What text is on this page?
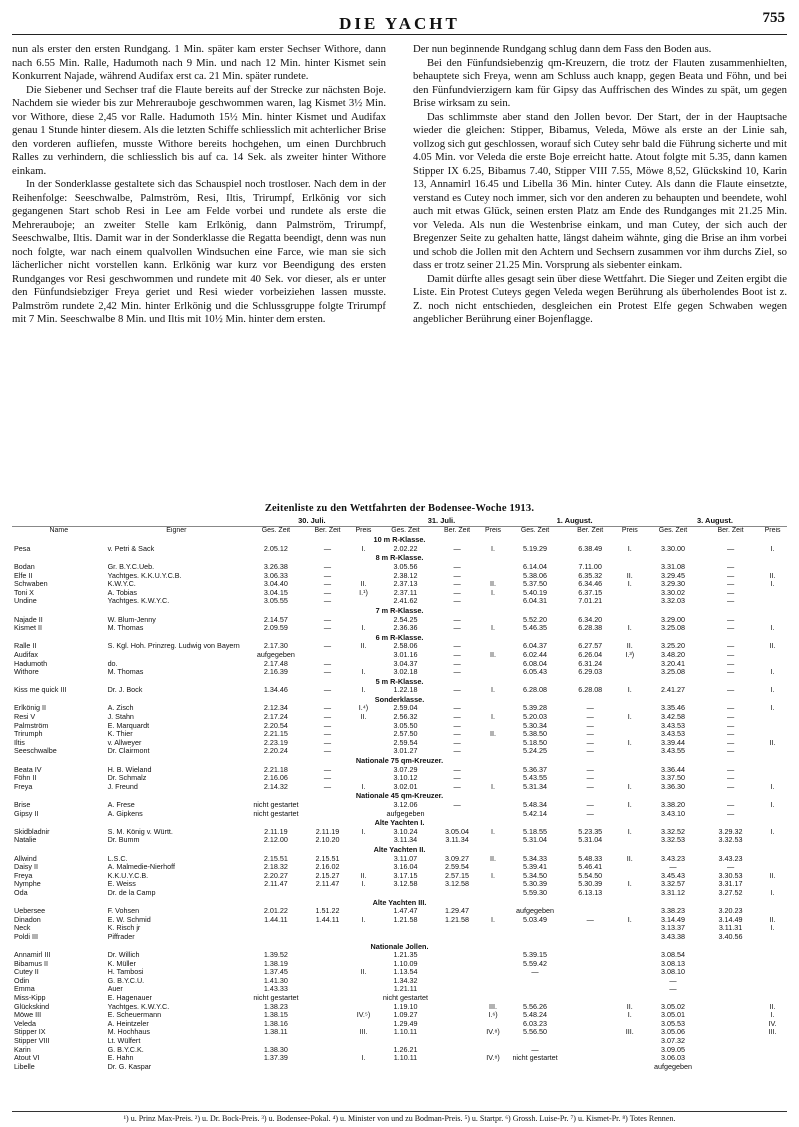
DIE YACHT	755

nun als erster den ersten Rundgang. 1 Min. später kam erster Sechser Withore, dann nach 6.55 Min. Ralle, Hadumoth nach 9 Min. und nach 12 Min. hinter Kismet sein Konkurrent Najade, während Audifax erst ca. 21 Min. später rundete.

Die Siebener und Sechser traf die Flaute bereits auf der Strecke zur nächsten Boje. Nachdem sie wieder bis zur Mehrerauboje geschwommen waren, lag Kismet 3½ Min. vor Withore, diese 2,45 vor Ralle. Hadumoth 15½ Min. hinter Kismet und Audifax genau 1 Stunde hinter diesem. Als die letzten Schiffe schliesslich mit achterlicher Brise den vorderen aufliefen, musste Withore bereits hochgehen, um einen Durchbruch Ralles zu verhindern, die schliesslich bis auf ca. 14 Sek. als zweiter hinter Withore einkam.

In der Sonderklasse gestaltete sich das Schauspiel noch trostloser. Nach dem in der Reihenfolge: Seeschwalbe, Palmström, Resi, Iltis, Trirumpf, Erlkönig vor sich gegangenen Start schob Resi in Lee am Felde vorbei und rundete als erste die Mehrerauboje; an zweiter Stelle kam Erlkönig, dann Palmström, Trirumpf, Seeschwalbe, Iltis. Damit war in der Sonderklasse die Regatta beendigt, denn was nun noch folgte, war nach einem qualvollen Windsuchen eine Farce, wie man sie sich lächerlicher nicht vorstellen kann. Erlkönig war kurz vor Beendigung des ersten Rundganges vor Resi geschwommen und rundete mit 40 Sek. vor dieser, als er unter den Fünfundsiebziger Freya geriet und Resi wieder vorbeiziehen lassen musste. Palmström rundete 2,42 Min. hinter Erlkönig und die Schlussgruppe folgte Trirumpf mit 7 Min. Seeschwalbe 8 Min. und Iltis mit 10½ Min. hinter dem ersten.

Der nun beginnende Rundgang schlug dann dem Fass den Boden aus.

Bei den Fünfundsiebenzig qm-Kreuzern, die trotz der Flauten zusammenhielten, behauptete sich Freya, wenn am Schluss auch knapp, gegen Beata und Föhn, und bei den Fünfundvierzigern kam für Gipsy das Auffrischen des Windes zu spät, um gegen Brise wirksam zu sein.

Das schlimmste aber stand den Jollen bevor. Der Start, der in der Hauptsache wieder die gleichen: Stipper, Bibamus, Veleda, Möwe als erste an der Linie sah, vollzog sich gut geschlossen, worauf sich Cutey sehr bald die Führung sicherte und mit 4.05 Min. vor Veleda die erste Boje erreicht hatte. Atout folgte mit 5.35, dann kamen Stipper IX 6.25, Bibamus 7.40, Stipper VIII 7.55, Möwe 8,52, Glückskind 10, Karin 13, Annamirl 16.45 und Libella 36 Min. hinter Cutey. Als dann die Flaute einsetzte, verstand es Cutey noch immer, sich vor den anderen zu behaupten und beendete, wohl auch mit etwas Glück, seinen ersten Platz am Ende des Rundganges mit 21.25 Min. vor Veleda. Als nun die Westenbrise einkam, und man Cutey, der sich auch der Bregenzer Seite zu gehalten hatte, längst daheim wähnte, ging die Brise an ihm vorbei und schob die Jollen mit den Achtern und Sechsern zusammen vor ihm durchs Ziel, so dass er trotz seiner 21.25 Min. Vorsprung als siebenter einkam.

Damit dürfte alles gesagt sein über diese Wettfahrt. Die Sieger und Zeiten ergibt die Liste. Ein Protest Cuteys gegen Veleda wegen Berührung als überholendes Boot ist z. Z. noch nicht entschieden, desgleichen ein Protest Elfe gegen Schwaben wegen angeblicher Berührung einer Bojenflagge.

Zeitenliste zu den Wettfahrten der Bodensee-Woche 1913.
		30. Juli.			31. Juli.			1. August.			3. August.		
Name	Eigner	Ges. Zeit	Ber. Zeit	Preis	Ges. Zeit	Ber. Zeit	Preis	Ges. Zeit	Ber. Zeit	Preis	Ges. Zeit	Ber. Zeit	Preis
10 m R-Klasse.													
Pesa	v. Petri & Sack	2.05.12	—	I.	2.02.22	—	I.	5.19.29	6.38.49	I.	3.30.00	—	I.
8 m R-Klasse.													
Bodan	Gr. B.Y.C.Ueb.	3.26.38	—		3.05.56	—		6.14.04	7.11.00		3.31.08	—	
Elfe II	Yachtges. K.K.U.Y.C.B.	3.06.33	—		2.38.12	—		5.38.06	6.35.32	II.	3.29.45	—	II.
Schwaben	K.W.Y.C.	3.04.40	—	II.	2.37.13	—	II.	5.37.50	6.34.46	I.	3.29.30	—	I.
Toni X	A. Tobias	3.04.15	—	I.¹)	2.37.11	—	I.	5.40.19	6.37.15		3.30.02	—	
Undine	Yachtges. K.W.Y.C.	3.05.55	—		2.41.62	—		6.04.31	7.01.21		3.32.03	—	
7 m R-Klasse.													
Najade II	W. Blum-Jenny	2.14.57	—		2.54.25	—		5.52.20	6.34.20		3.29.00	—	
Kismet II	M. Thomas	2.09.59	—	I.	2.36.36	—	I.	5.46.35	6.28.38	I.	3.25.08	—	I.
6 m R-Klasse.													
Ralle II	S. Kgl. Hoh. Prinzreg. Ludwig von Bayern	2.17.30	—	II.	2.58.06	—		6.04.37	6.27.57	II.	3.25.20	—	II.
Audifax		aufgegeben			3.01.16	—	II.	6.02.44	6.26.04	I.³)	3.48.20	—	
Hadumoth	do.	2.17.48	—		3.04.37	—		6.08.04	6.31.24		3.20.41	—	
Withore	M. Thomas	2.16.39	—	I.	3.02.18	—		6.05.43	6.29.03		3.25.08	—	I.
5 m R-Klasse.													
Kiss me quick III	Dr. J. Bock	1.34.46	—	I.	1.22.18	—	I.	6.28.08	6.28.08	I.	2.41.27	—	I.
Sonderklasse.													
Erlkönig II	A. Zisch	2.12.34	—	I.⁴)	2.59.04	—		5.39.28	—		3.35.46	—	I.
Resi V	J. Stahn	2.17.24	—	II.	2.56.32	—	I.	5.20.03	—	I.	3.42.58	—	
Palmström	E. Marquardt	2.20.54	—		3.05.50	—		5.30.34	—		3.43.53	—	
Trirumph	K. Thier	2.21.15	—		2.57.50	—	II.	5.38.50	—		3.43.53	—	
Iltis	v. Allweyer	2.23.19	—		2.59.54	—		5.18.50	—	I.	3.39.44	—	II.
Seeschwalbe	Dr. Clairmont	2.20.24	—		3.01.27	—		5.24.25	—		3.43.55	—	
Nationale 75 qm-Kreuzer.													
Beata IV	H. B. Wieland	2.21.18	—		3.07.29	—		5.36.37	—		3.36.44	—	
Föhn II	Dr. Schmalz	2.16.06	—		3.10.12	—		5.43.55	—		3.37.50	—	
Freya	J. Freund	2.14.32	—	I.	3.02.01	—	I.	5.31.34	—	I.	3.36.30	—	I.
Nationale 45 qm-Kreuzer.													
Brise	A. Frese	nicht gestartet			3.12.06	—		5.48.34	—	I.	3.38.20	—	I.
Gipsy II	A. Gipkens	nicht gestartet			aufgegeben			5.42.14	—		3.43.10	—	
Alte Yachten I.													
Skidbladnir	S. M. König v. Württ.	2.11.19	2.11.19	I.	3.10.24	3.05.04	I.	5.18.55	5.23.35	I.	3.32.52	3.29.32	I.
Natalie	Dr. Bumm	2.12.00	2.10.20		3.11.34	3.11.34		5.31.04	5.31.04		3.32.53	3.32.53	
Alte Yachten II.													
Allwind	L.S.C.	2.15.51	2.15.51		3.11.07	3.09.27	II.	5.34.33	5.48.33	II.	3.43.23	3.43.23	
Daisy II	A. Malmedie-Nierhoff	2.18.32	2.16.02		3.16.04	2.59.54		5.39.41	5.46.41		—	—	
Freya	K.K.U.Y.C.B.	2.20.27	2.15.27	II.	3.17.15	2.57.15	I.	5.34.50	5.54.50		3.45.43	3.30.53	II.
Nymphe	E. Weiss	2.11.47	2.11.47	I.	3.12.58	3.12.58		5.30.39	5.30.39	I.	3.32.57	3.31.17	
Oda	Dr. de la Camp							5.59.30	6.13.13		3.31.12	3.27.52	I.
Alte Yachten III.													
Uebersee	F. Vohsen	2.01.22	1.51.22		1.47.47	1.29.47		aufgegeben			3.38.23	3.20.23	
Dinadon	E. W. Schmid	1.44.11	1.44.11	I.	1.21.58	1.21.58	I.	5.03.49	—	I.	3.14.49	3.14.49	II.
Neck	K. Risch jr										3.13.37	3.11.31	I.
Poldi III	Piffrader										3.43.38	3.40.56	
Nationale Jollen.													
Annamirl III	Dr. Willich	1.39.52			1.21.35			5.39.15			3.08.54		
Bibamus II	K. Müller	1.38.19			1.10.09			5.59.42			3.08.13		
Cutey II	H. Tambosi	1.37.45		II.	1.13.54			—			3.08.10		
Odin	G. B.Y.C.Ü.	1.41.30			1.34.32						—		
Emma	Auer	1.43.33			1.21.11						—		
Miss-Kipp	E. Hagenauer	nicht gestartet			nicht gestartet								
Glückskind	Yachtges. K.W.Y.C.	1.38.23			1.19.10		III.	5.56.26		II.	3.05.02		II.
Möwe III	E. Scheuermann	1.38.15		IV.⁵)	1.09.27		I.⁶)	5.48.24		I.	3.05.01		I.
Veleda	A. Heintzeler	1.38.16			1.29.49			6.03.23			3.05.53		IV.
Stipper IX	M. Hochhaus	1.38.11		III.	1.10.11		IV.⁸)	5.56.50		III.	3.05.06		III.
Stipper VIII	Lt. Wülfert										3.07.32		
Karin	G. B.Y.C.K.	1.38.30			1.26.21			—			3.09.05		
Atout VI	E. Hahn	1.37.39		I.	1.10.11		IV.⁸)	nicht gestartet			3.06.03		
Libelle	Dr. G. Kaspar										aufgegeben		
¹) u. Prinz Max-Preis. ²) u. Dr. Bock-Preis. ³) u. Bodensee-Pokal. ⁴) u. Minister von und zu Bodman-Preis. ⁵) u. Startpr. ⁶) Grossh. Luise-Pr. ⁷) u. Kismet-Pr. ⁸) Totes Rennen.
